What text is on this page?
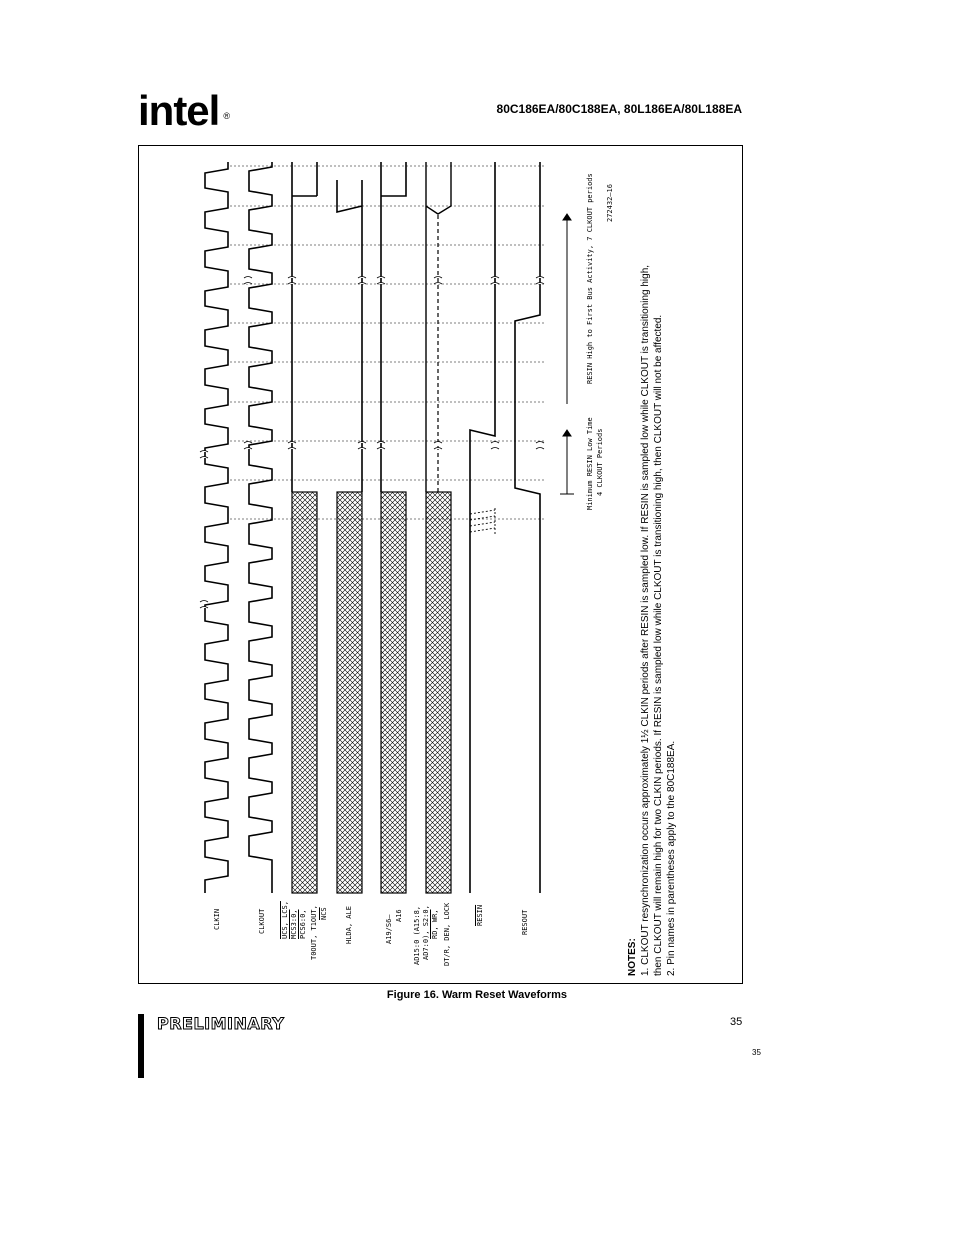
intel ®	80C186EA/80C188EA, 80L186EA/80L188EA
CLKIN	CLKOUT UCS, LCS, MCS3:0, PCS6:0, T0OUT, T1OUT, $\overline{NCS}$ HLDA, ALE	A19/S6– A16 AD15:0 (A15:8, AD7:0), S2:0, RD, WR, DT/R, DEN, LOCK	RESIN	RESOUT
Minimum RESIN Low Time 4 CLKOUT Periods
RESIN High to First Bus Activity, 7 CLKOUT periods 272432–16
NOTES: 1. CLKOUT resynchronization occurs approximately 1½ CLKIN periods after RESIN is sampled low. If RESIN is sampled low while CLKOUT is transitioning high, then CLKOUT will remain high for two CLKIN periods. If RESIN is sampled low while CLKOUT is transitioning high, then CLKOUT will not be affected. 2. Pin names in parentheses apply to the 80C188EA.
Figure 16. Warm Reset Waveforms
PRELIMINARY	35
35
